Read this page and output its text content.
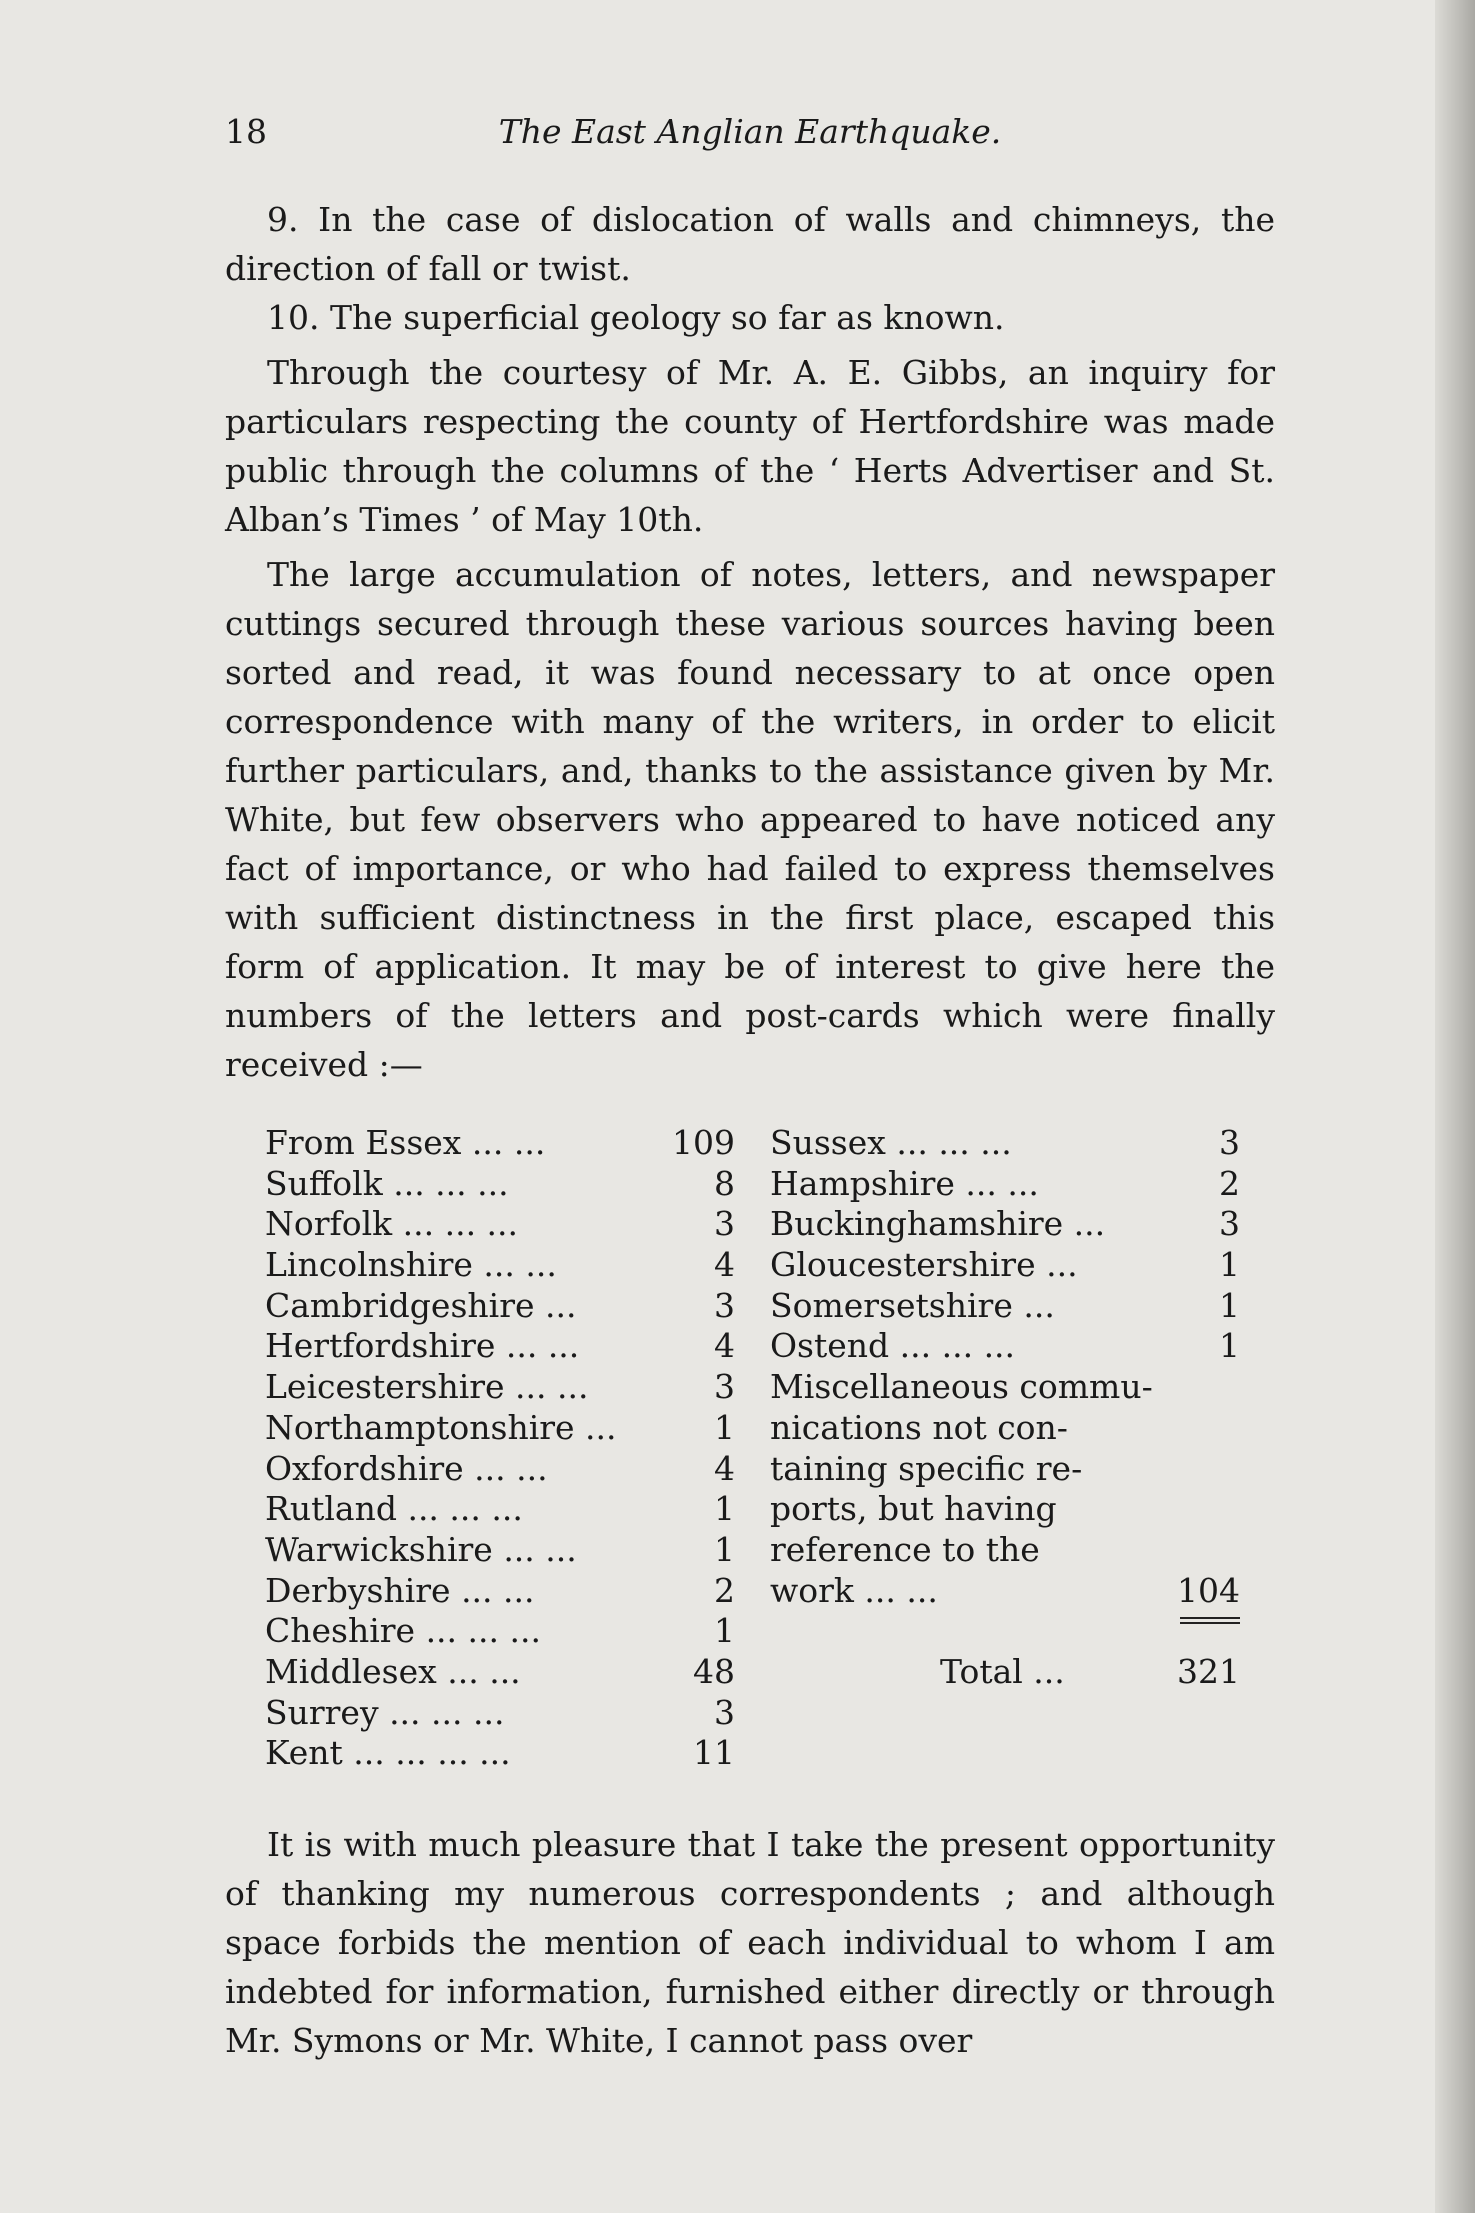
18	The East Anglian Earthquake.

9. In the case of dislocation of walls and chimneys, the direction of fall or twist.

10. The superficial geology so far as known.

Through the courtesy of Mr. A. E. Gibbs, an inquiry for particulars respecting the county of Hertfordshire was made public through the columns of the ‘ Herts Advertiser and St. Alban’s Times ’ of May 10th.

The large accumulation of notes, letters, and newspaper cuttings secured through these various sources having been sorted and read, it was found necessary to at once open correspondence with many of the writers, in order to elicit further particulars, and, thanks to the assistance given by Mr. White, but few observers who appeared to have noticed any fact of importance, or who had failed to express themselves with sufficient distinctness in the first place, escaped this form of application. It may be of interest to give here the numbers of the letters and post-cards which were finally received :—

From Essex ... ...	109
Suffolk ... ... ...	8
Norfolk ... ... ...	3
Lincolnshire ... ...	4
Cambridgeshire ...	3
Hertfordshire ... ...	4
Leicestershire ... ...	3
Northamptonshire ...	1
Oxfordshire ... ...	4
Rutland ... ... ...	1
Warwickshire ... ...	1
Derbyshire ... ...	2
Cheshire ... ... ...	1
Middlesex ... ...	48
Surrey ... ... ...	3
Kent ... ... ... ...	11
Sussex ... ... ...	3
Hampshire ... ...	2
Buckinghamshire ...	3
Gloucestershire ...	1
Somersetshire ...	1
Ostend ... ... ...	1
Miscellaneous commu-
nications not con-
taining specific re-
ports, but having
reference to the
work ... ...	104
Total ...	321

It is with much pleasure that I take the present opportunity of thanking my numerous correspondents ; and although space forbids the mention of each individual to whom I am indebted for information, furnished either directly or through Mr. Symons or Mr. White, I cannot pass over
